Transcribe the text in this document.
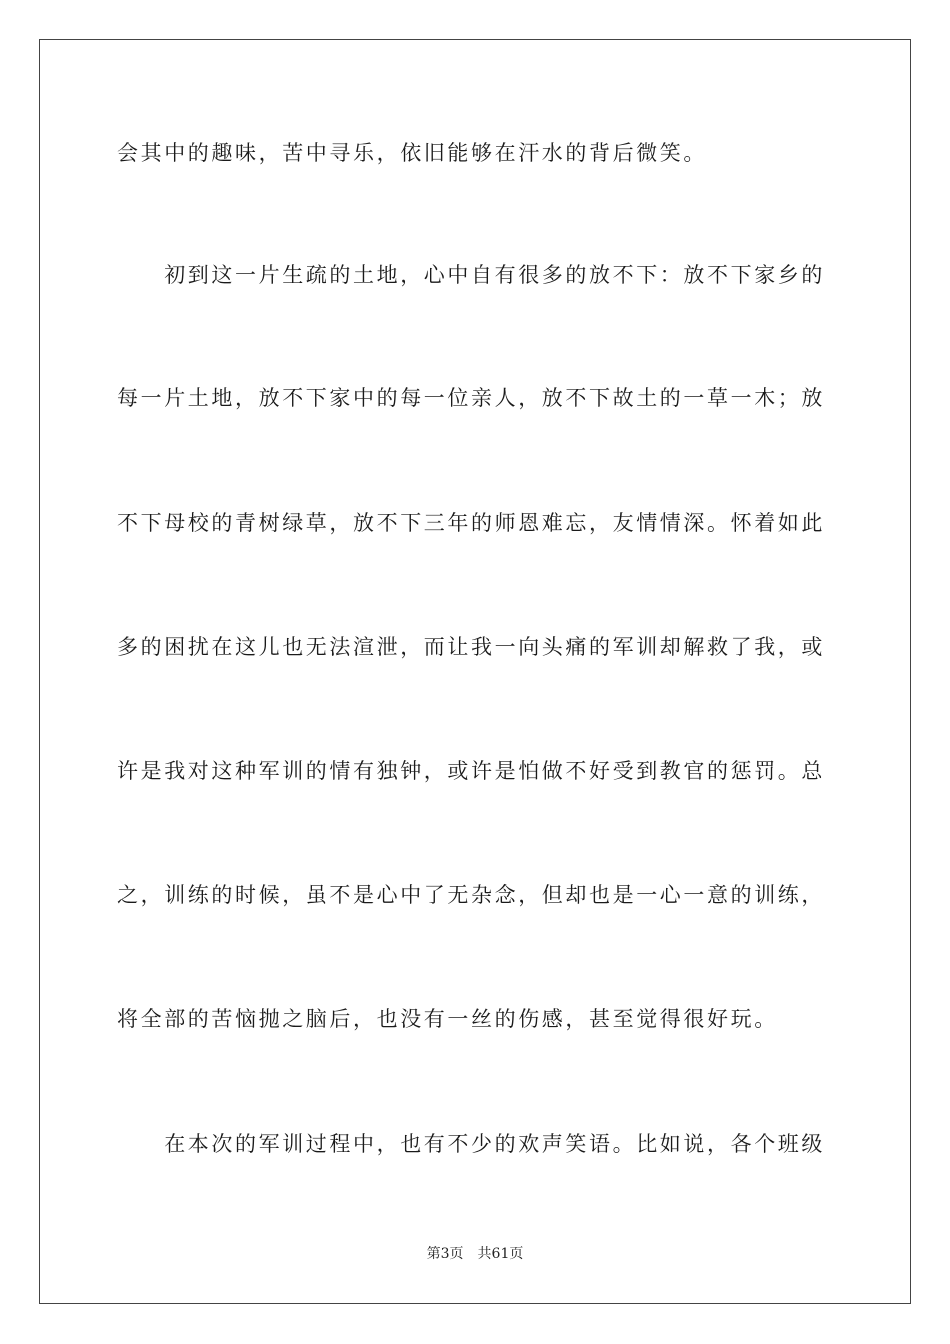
会其中的趣味，苦中寻乐，依旧能够在汗水的背后微笑。
　　初到这一片生疏的土地，心中自有很多的放不下：放不下家乡的
每一片土地，放不下家中的每一位亲人，放不下故土的一草一木；放
不下母校的青树绿草，放不下三年的师恩难忘，友情情深。怀着如此
多的困扰在这儿也无法渲泄，而让我一向头痛的军训却解救了我，或
许是我对这种军训的情有独钟，或许是怕做不好受到教官的惩罚。总
之，训练的时候，虽不是心中了无杂念，但却也是一心一意的训练，
将全部的苦恼抛之脑后，也没有一丝的伤感，甚至觉得很好玩。
　　在本次的军训过程中，也有不少的欢声笑语。比如说，各个班级
第3页　共61页
